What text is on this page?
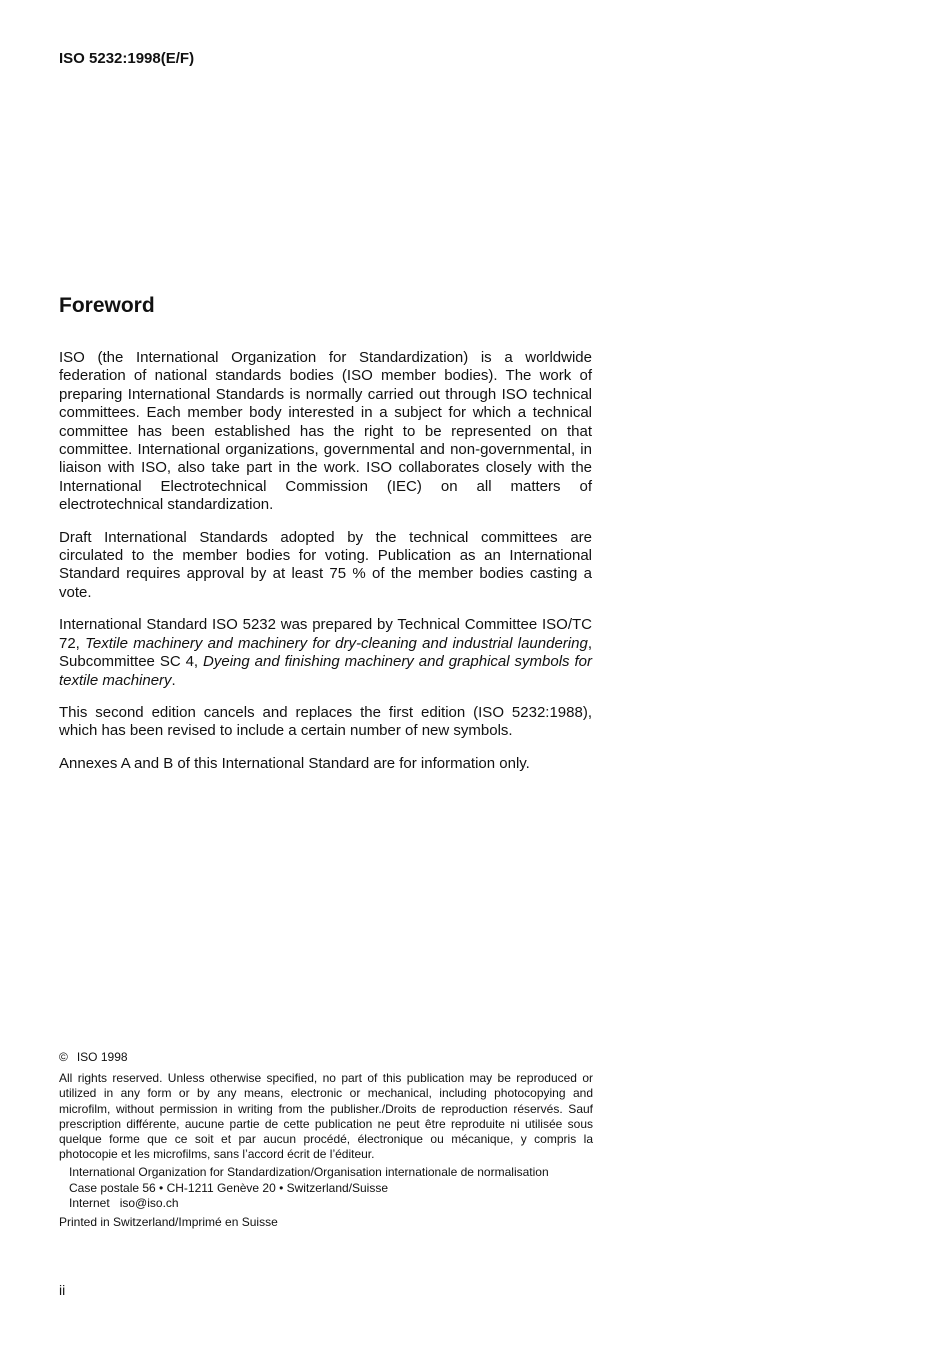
ISO 5232:1998(E/F)
Foreword

ISO (the International Organization for Standardization) is a worldwide federation of national standards bodies (ISO member bodies). The work of preparing International Standards is normally carried out through ISO technical committees. Each member body interested in a subject for which a technical committee has been established has the right to be represented on that committee. International organizations, governmental and non-governmental, in liaison with ISO, also take part in the work. ISO collaborates closely with the International Electrotechnical Commission (IEC) on all matters of electrotechnical standardization.

Draft International Standards adopted by the technical committees are circulated to the member bodies for voting. Publication as an International Standard requires approval by at least 75 % of the member bodies casting a vote.

International Standard ISO 5232 was prepared by Technical Committee ISO/TC 72, Textile machinery and machinery for dry-cleaning and industrial laundering, Subcommittee SC 4, Dyeing and finishing machinery and graphical symbols for textile machinery.

This second edition cancels and replaces the first edition (ISO 5232:1988), which has been revised to include a certain number of new symbols.

Annexes A and B of this International Standard are for information only.

© ISO 1998
All rights reserved. Unless otherwise specified, no part of this publication may be reproduced or utilized in any form or by any means, electronic or mechanical, including photocopying and microfilm, without permission in writing from the publisher./Droits de reproduction réservés. Sauf prescription différente, aucune partie de cette publication ne peut être reproduite ni utilisée sous quelque forme que ce soit et par aucun procédé, électronique ou mécanique, y compris la photocopie et les microfilms, sans l’accord écrit de l’éditeur.
International Organization for Standardization/Organisation internationale de normalisation
Case postale 56 • CH-1211 Genève 20 • Switzerland/Suisse
Internet iso@iso.ch
Printed in Switzerland/Imprimé en Suisse
ii
